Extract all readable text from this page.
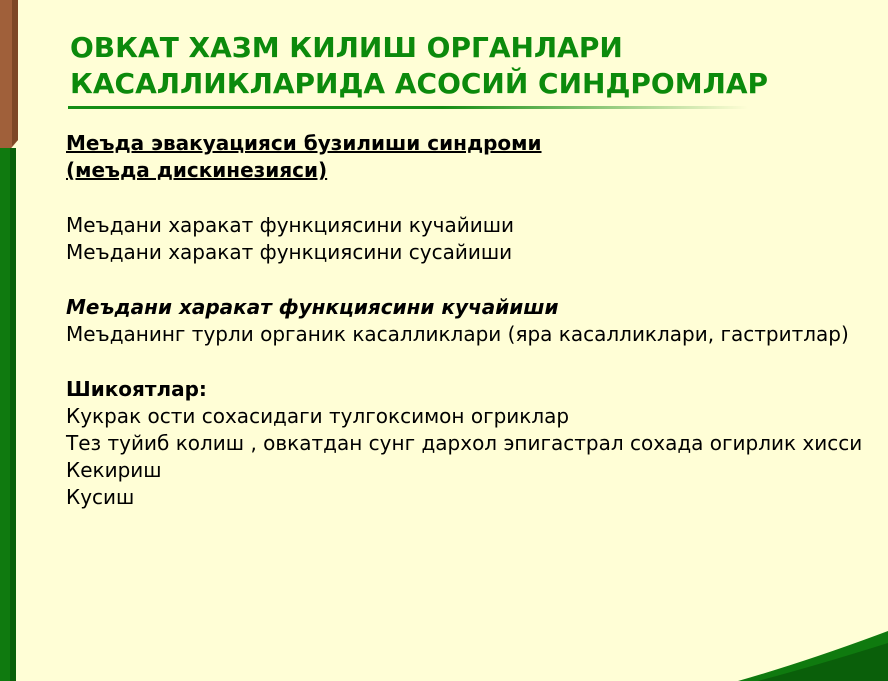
ОВКАТ ХАЗМ КИЛИШ ОРГАНЛАРИ
КАСАЛЛИКЛАРИДА АСОСИЙ СИНДРОМЛАР

Меъда эвакуацияси бузилиши синдроми

(меъда дискинезияси)

Меъдани харакат функциясини кучайиши

Меъдани харакат функциясини сусайиши

Меъдани харакат функциясини кучайиши

Меъданинг турли органик касалликлари (яра касалликлари, гастритлар)

Шикоятлар:

Кукрак ости сохасидаги тулгоксимон огриклар

Тез туйиб колиш , овкатдан сунг дархол эпигастрал сохада огирлик хисси

Кекириш

Кусиш
